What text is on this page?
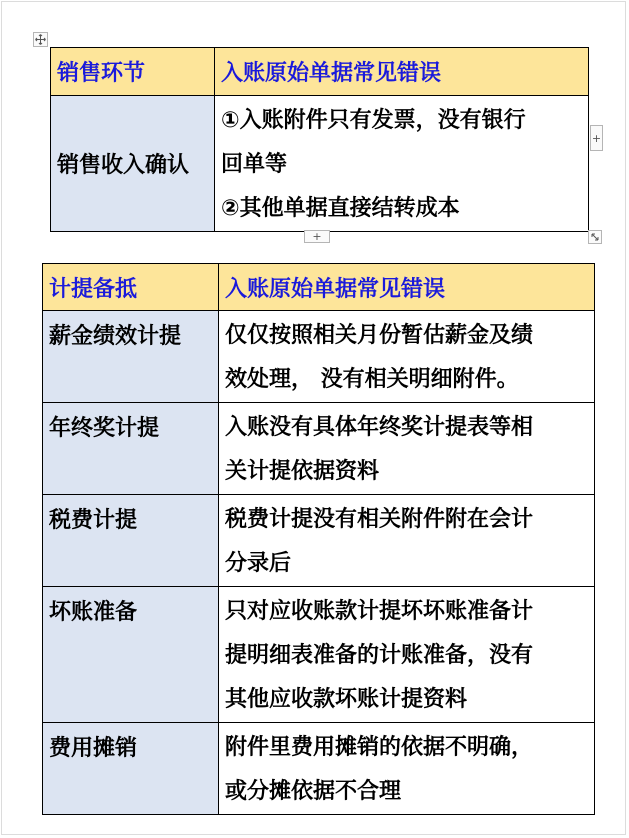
销售环节	入账原始单据常见错误
销售收入确认	①入账附件只有发票，没有银行
回单等
②其他单据直接结转成本
+
+
计提备抵	入账原始单据常见错误
薪金绩效计提	仅仅按照相关月份暂估薪金及绩
效处理， 没有相关明细附件。

年终奖计提	入账没有具体年终奖计提表等相
关计提依据资料

税费计提	税费计提没有相关附件附在会计
分录后

坏账准备	只对应收账款计提坏坏账准备计
提明细表准备的计账准备，没有
其他应收款坏账计提资料

费用摊销	附件里费用摊销的依据不明确，
或分摊依据不合理
